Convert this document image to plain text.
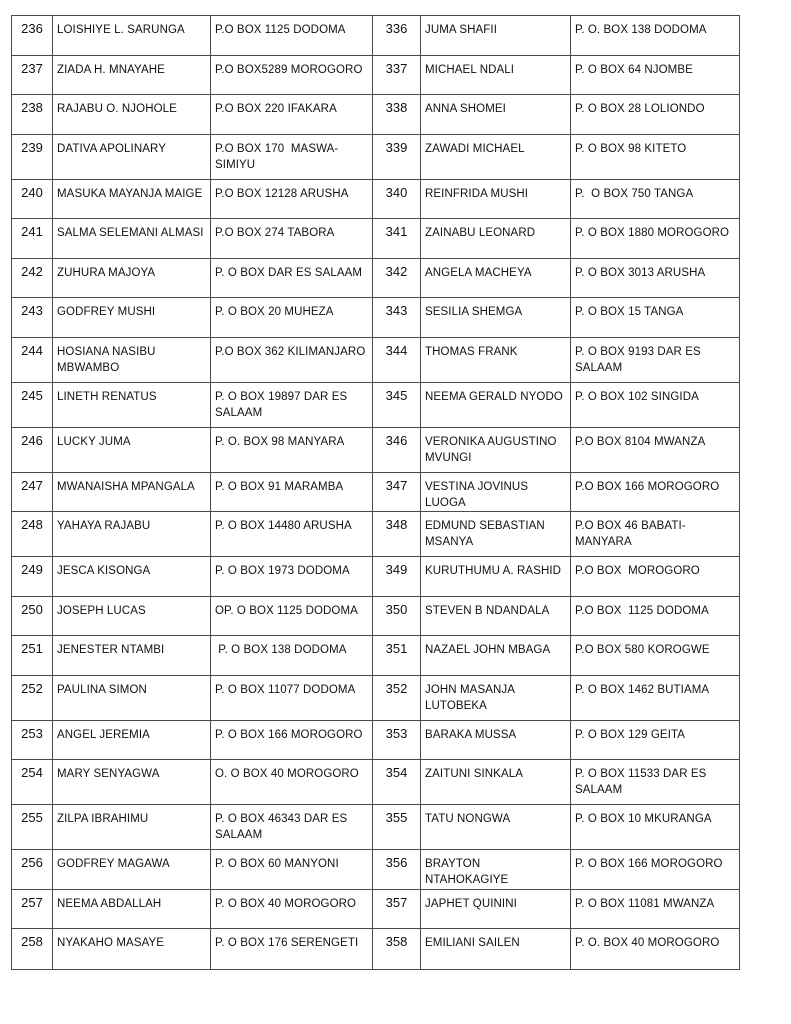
236	LOISHIYE L. SARUNGA	P.O BOX 1125 DODOMA	336	JUMA SHAFII	P. O. BOX 138 DODOMA
237	ZIADA H. MNAYAHE	P.O BOX5289 MOROGORO	337	MICHAEL NDALI	P. O BOX 64 NJOMBE
238	RAJABU O. NJOHOLE	P.O BOX 220 IFAKARA	338	ANNA SHOMEI	P. O BOX 28 LOLIONDO
239	DATIVA APOLINARY	P.O BOX 170  MASWA-SIMIYU	339	ZAWADI MICHAEL	P. O BOX 98 KITETO
240	MASUKA MAYANJA MAIGE	P.O BOX 12128 ARUSHA	340	REINFRIDA MUSHI	P.  O BOX 750 TANGA
241	SALMA SELEMANI ALMASI	P.O BOX 274 TABORA	341	ZAINABU LEONARD	P. O BOX 1880 MOROGORO
242	ZUHURA MAJOYA	P. O BOX DAR ES SALAAM	342	ANGELA MACHEYA	P. O BOX 3013 ARUSHA
243	GODFREY MUSHI	P. O BOX 20 MUHEZA	343	SESILIA SHEMGA	P. O BOX 15 TANGA
244	HOSIANA NASIBU MBWAMBO	P.O BOX 362 KILIMANJARO	344	THOMAS FRANK	P. O BOX 9193 DAR ES SALAAM
245	LINETH RENATUS	P. O BOX 19897 DAR ES SALAAM	345	NEEMA GERALD NYODO	P. O BOX 102 SINGIDA
246	LUCKY JUMA	P. O. BOX 98 MANYARA	346	VERONIKA AUGUSTINO MVUNGI	P.O BOX 8104 MWANZA
247	MWANAISHA MPANGALA	P. O BOX 91 MARAMBA	347	VESTINA JOVINUS LUOGA	P.O BOX 166 MOROGORO
248	YAHAYA RAJABU	P. O BOX 14480 ARUSHA	348	EDMUND SEBASTIAN MSANYA	P.O BOX 46 BABATI-MANYARA
249	JESCA KISONGA	P. O BOX 1973 DODOMA	349	KURUTHUMU A. RASHID	P.O BOX  MOROGORO
250	JOSEPH LUCAS	OP. O BOX 1125 DODOMA	350	STEVEN B NDANDALA	P.O BOX  1125 DODOMA
251	JENESTER NTAMBI	P. O BOX 138 DODOMA	351	NAZAEL JOHN MBAGA	P.O BOX 580 KOROGWE
252	PAULINA SIMON	P. O BOX 11077 DODOMA	352	JOHN MASANJA LUTOBEKA	P. O BOX 1462 BUTIAMA
253	ANGEL JEREMIA	P. O BOX 166 MOROGORO	353	BARAKA MUSSA	P. O BOX 129 GEITA
254	MARY SENYAGWA	O. O BOX 40 MOROGORO	354	ZAITUNI SINKALA	P. O BOX 11533 DAR ES SALAAM
255	ZILPA IBRAHIMU	P. O BOX 46343 DAR ES SALAAM	355	TATU NONGWA	P. O BOX 10 MKURANGA
256	GODFREY MAGAWA	P. O BOX 60 MANYONI	356	BRAYTON NTAHOKAGIYE	P. O BOX 166 MOROGORO
257	NEEMA ABDALLAH	P. O BOX 40 MOROGORO	357	JAPHET QUININI	P. O BOX 11081 MWANZA
258	NYAKAHO MASAYE	P. O BOX 176 SERENGETI	358	EMILIANI SAILEN	P. O. BOX 40 MOROGORO
